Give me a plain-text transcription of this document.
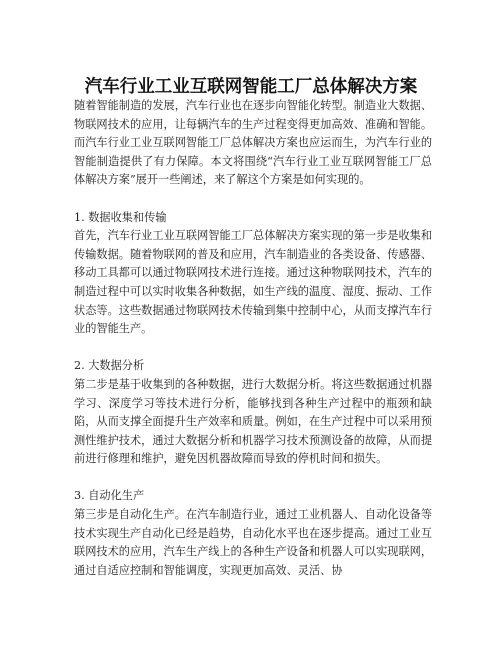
汽车行业工业互联网智能工厂总体解决方案

随着智能制造的发展，汽车行业也在逐步向智能化转型。制造业大数据、物联网技术的应用，让每辆汽车的生产过程变得更加高效、准确和智能。而汽车行业工业互联网智能工厂总体解决方案也应运而生，为汽车行业的智能制造提供了有力保障。本文将围绕“汽车行业工业互联网智能工厂总体解决方案”展开一些阐述，来了解这个方案是如何实现的。

1. 数据收集和传输

首先，汽车行业工业互联网智能工厂总体解决方案实现的第一步是收集和传输数据。随着物联网的普及和应用，汽车制造业的各类设备、传感器、移动工具都可以通过物联网技术进行连接。通过这种物联网技术，汽车的制造过程中可以实时收集各种数据，如生产线的温度、湿度、振动、工作状态等。这些数据通过物联网技术传输到集中控制中心，从而支撑汽车行业的智能生产。

2. 大数据分析

第二步是基于收集到的各种数据，进行大数据分析。将这些数据通过机器学习、深度学习等技术进行分析，能够找到各种生产过程中的瓶颈和缺陷，从而支撑全面提升生产效率和质量。例如，在生产过程中可以采用预测性维护技术，通过大数据分析和机器学习技术预测设备的故障，从而提前进行修理和维护，避免因机器故障而导致的停机时间和损失。

3. 自动化生产

第三步是自动化生产。在汽车制造行业，通过工业机器人、自动化设备等技术实现生产自动化已经是趋势，自动化水平也在逐步提高。通过工业互联网技术的应用，汽车生产线上的各种生产设备和机器人可以实现联网，通过自适应控制和智能调度，实现更加高效、灵活、协
